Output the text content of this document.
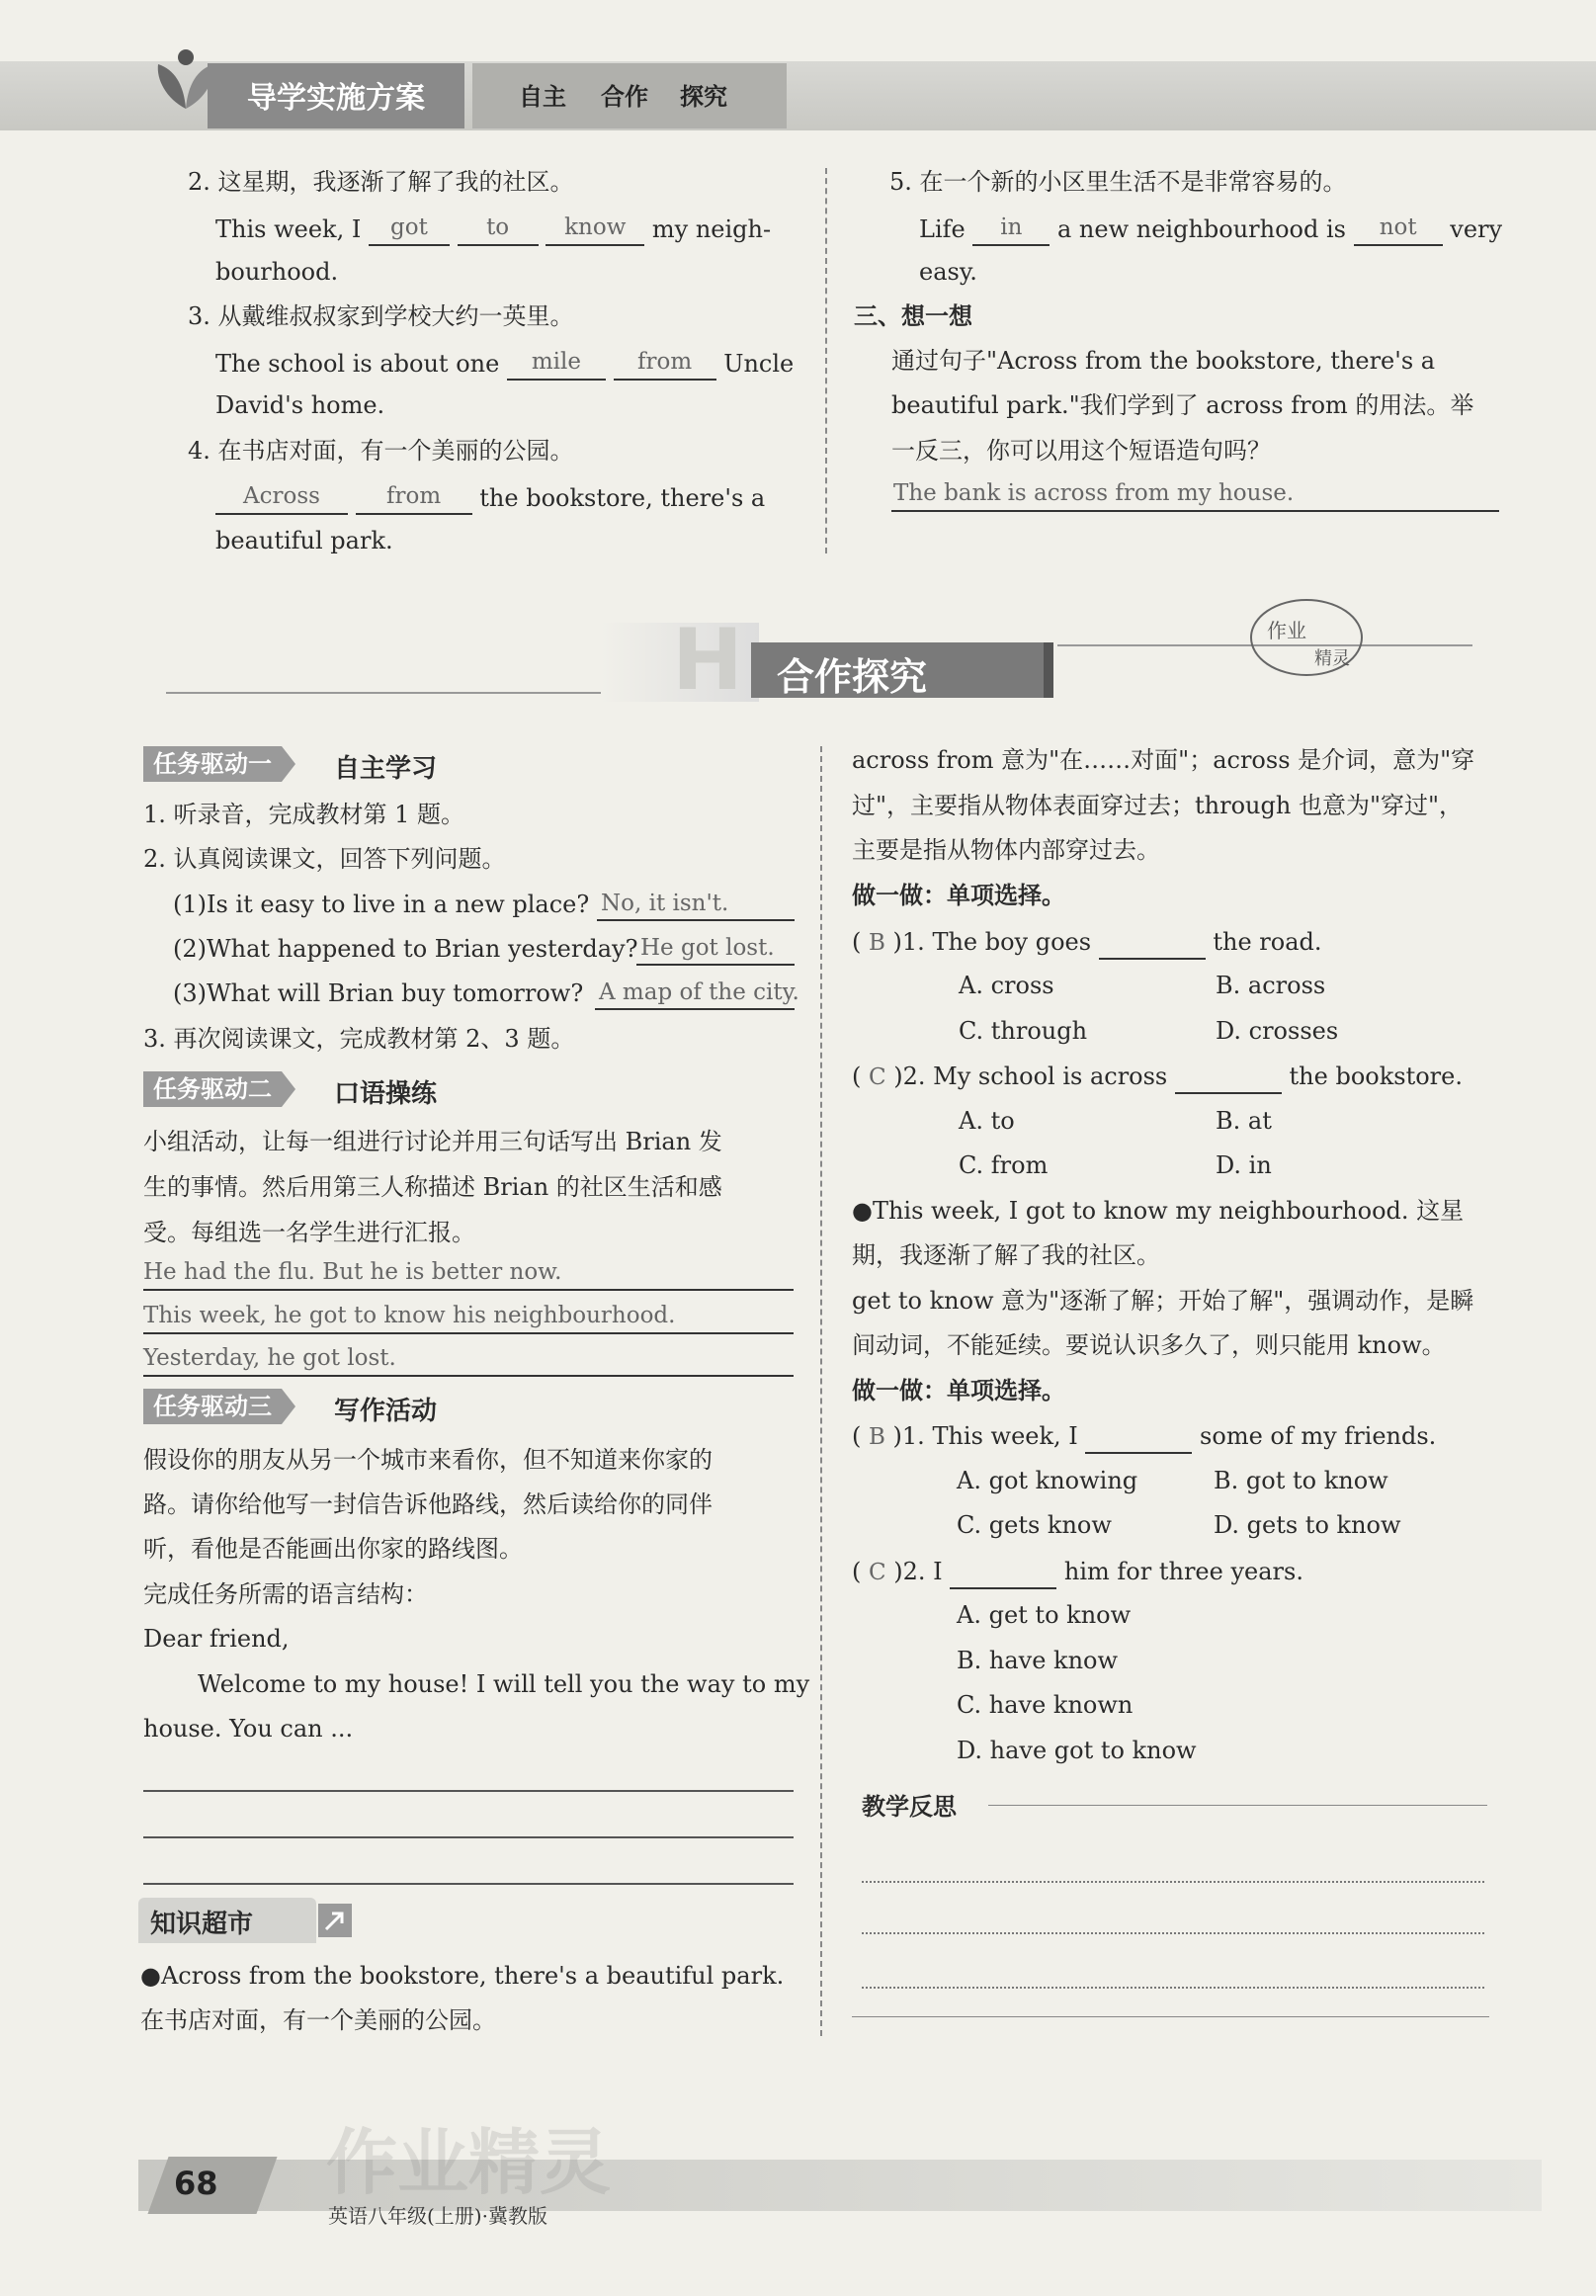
导学实施方案	自主 合作 探究
2. 这星期，我逐渐了解了我的社区。
This week, I got	to know my neigh-
bourhood.
3. 从戴维叔叔家到学校大约一英里。
The school is about one mile from Uncle
David's home.
4. 在书店对面，有一个美丽的公园。
Across	from the bookstore, there's a
beautiful park.
5. 在一个新的小区里生活不是非常容易的。
Life in a new neighbourhood is not very
easy.
三、想一想
通过句子"Across from the bookstore, there's a
beautiful park."我们学到了 across from 的用法。举
一反三，你可以用这个短语造句吗？
The bank is across from my house.
H 合作探究
作业
精灵
任务驱动一	自主学习
1. 听录音，完成教材第 1 题。
2. 认真阅读课文，回答下列问题。
(1)Is it easy to live in a new place? No, it isn't.
(2)What happened to Brian yesterday? He got lost.
(3)What will Brian buy tomorrow? A map of the city.
3. 再次阅读课文，完成教材第 2、3 题。
任务驱动二	口语操练
小组活动，让每一组进行讨论并用三句话写出 Brian 发
生的事情。然后用第三人称描述 Brian 的社区生活和感
受。每组选一名学生进行汇报。
He had the flu. But he is better now.
This week, he got to know his neighbourhood.
Yesterday, he got lost.
任务驱动三	写作活动
假设你的朋友从另一个城市来看你，但不知道来你家的
路。请你给他写一封信告诉他路线，然后读给你的同伴
听，看他是否能画出你家的路线图。
完成任务所需的语言结构：
Dear friend,
Welcome to my house! I will tell you the way to my
house. You can ...
知识超市
●Across from the bookstore, there's a beautiful park.
在书店对面，有一个美丽的公园。
across from 意为"在……对面"；across 是介词，意为"穿
过"，主要指从物体表面穿过去；through 也意为"穿过"，
主要是指从物体内部穿过去。
做一做：单项选择。
( B )1. The boy goes	the road.
A. cross	B. across
C. through	D. crosses
( C )2. My school is across	the bookstore.
A. to	B. at
C. from	D. in
●This week, I got to know my neighbourhood. 这星
期，我逐渐了解了我的社区。
get to know 意为"逐渐了解；开始了解"，强调动作，是瞬
间动词，不能延续。要说认识多久了，则只能用 know。
做一做：单项选择。
( B )1. This week, I	some of my friends.
A. got knowing	B. got to know
C. gets know	D. gets to know
( C )2. I	him for three years.
A. get to know
B. have know
C. have known
D. have got to know
教学反思
68
英语八年级(上册)·冀教版
作业精灵
